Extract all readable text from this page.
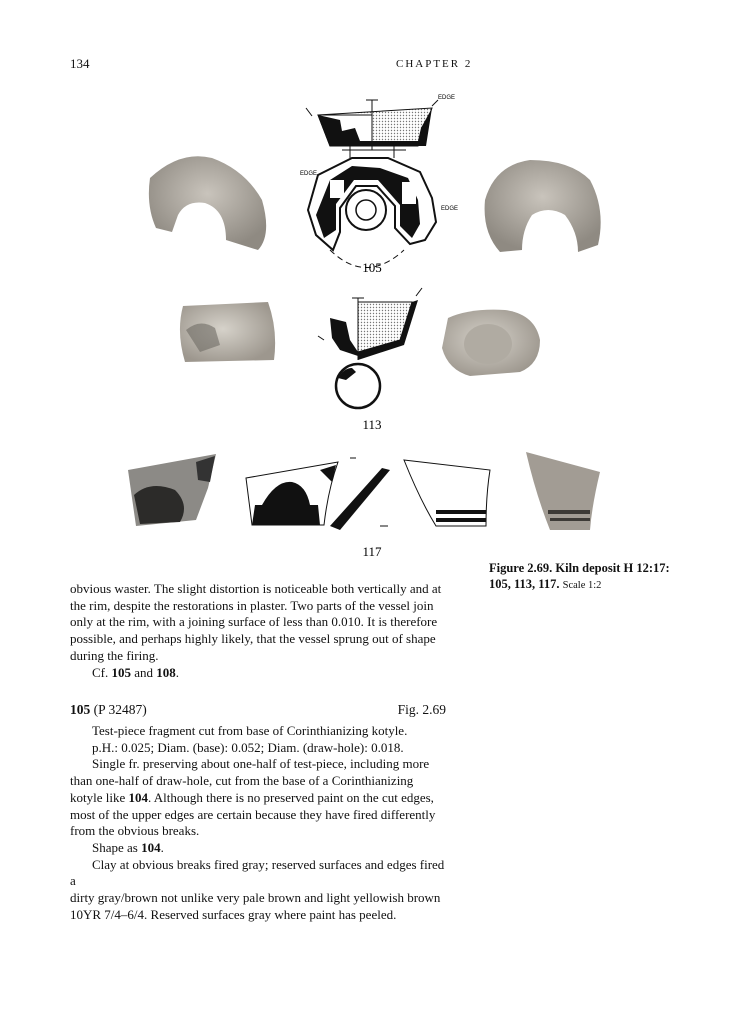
134	CHAPTER 2
EDGE
EDGE
EDGE
105
113
117
Figure 2.69. Kiln deposit H 12:17: 105, 113, 117. Scale 1:2

obvious waster. The slight distortion is noticeable both vertically and at

the rim, despite the restorations in plaster. Two parts of the vessel join

only at the rim, with a joining surface of less than 0.010. It is therefore

possible, and perhaps highly likely, that the vessel sprung out of shape

during the firing.

Cf. 105 and 108.

105 (P 32487)	Fig. 2.69

Test-piece fragment cut from base of Corinthianizing kotyle.

p.H.: 0.025; Diam. (base): 0.052; Diam. (draw-hole): 0.018.

Single fr. preserving about one-half of test-piece, including more

than one-half of draw-hole, cut from the base of a Corinthianizing

kotyle like 104. Although there is no preserved paint on the cut edges,

most of the upper edges are certain because they have fired differently

from the obvious breaks.

Shape as 104.

Clay at obvious breaks fired gray; reserved surfaces and edges fired a

dirty gray/brown not unlike very pale brown and light yellowish brown

10YR 7/4–6/4. Reserved surfaces gray where paint has peeled.
